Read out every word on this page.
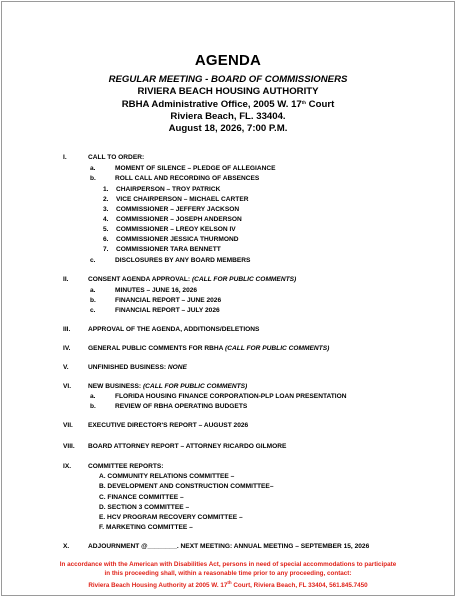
AGENDA
REGULAR MEETING - BOARD OF COMMISSIONERS
RIVIERA BEACH HOUSING AUTHORITY
RBHA Administrative Office, 2005 W. 17th Court
Riviera Beach, FL. 33404.
August 18, 2026, 7:00 P.M.
I.	CALL TO ORDER:
a.	MOMENT OF SILENCE – PLEDGE OF ALLEGIANCE
b.	ROLL CALL AND RECORDING OF ABSENCES
1. CHAIRPERSON – TROY PATRICK
2. VICE CHAIRPERSON – MICHAEL CARTER
3. COMMISSIONER – JEFFERY JACKSON
4. COMMISSIONER – JOSEPH ANDERSON
5. COMMISSIONER – LREOY KELSON IV
6. COMMISSIONER JESSICA THURMOND
7. COMMISSIONER TARA BENNETT
c.	DISCLOSURES BY ANY BOARD MEMBERS
II.	CONSENT AGENDA APPROVAL: (CALL FOR PUBLIC COMMENTS)
a.	MINUTES – JUNE 16, 2026
b.	FINANCIAL REPORT – JUNE 2026
c.	FINANCIAL REPORT – JULY 2026
III.	APPROVAL OF THE AGENDA, ADDITIONS/DELETIONS
IV.	GENERAL PUBLIC COMMENTS FOR RBHA (CALL FOR PUBLIC COMMENTS)
V.	UNFINISHED BUSINESS: NONE
VI.	NEW BUSINESS: (CALL FOR PUBLIC COMMENTS)
a.	FLORIDA HOUSING FINANCE CORPORATION-PLP LOAN PRESENTATION
b.	REVIEW OF RBHA OPERATING BUDGETS
VII. EXECUTIVE DIRECTOR'S REPORT – AUGUST 2026
VIII. BOARD ATTORNEY REPORT – ATTORNEY RICARDO GILMORE
IX.	COMMITTEE REPORTS:
A. COMMUNITY RELATIONS COMMITTEE –
B. DEVELOPMENT AND CONSTRUCTION COMMITTEE–
C. FINANCE COMMITTEE –
D. SECTION 3 COMMITTEE –
E. HCV PROGRAM RECOVERY COMMITTEE –
F. MARKETING COMMITTEE –
X.	ADJOURNMENT @________. NEXT MEETING: ANNUAL MEETING – SEPTEMBER 15, 2026
In accordance with the American with Disabilities Act, persons in need of special accommodations to participate
in this proceeding shall, within a reasonable time prior to any proceeding, contact:
Riviera Beach Housing Authority at 2005 W. 17th Court, Riviera Beach, FL 33404, 561.845.7450
